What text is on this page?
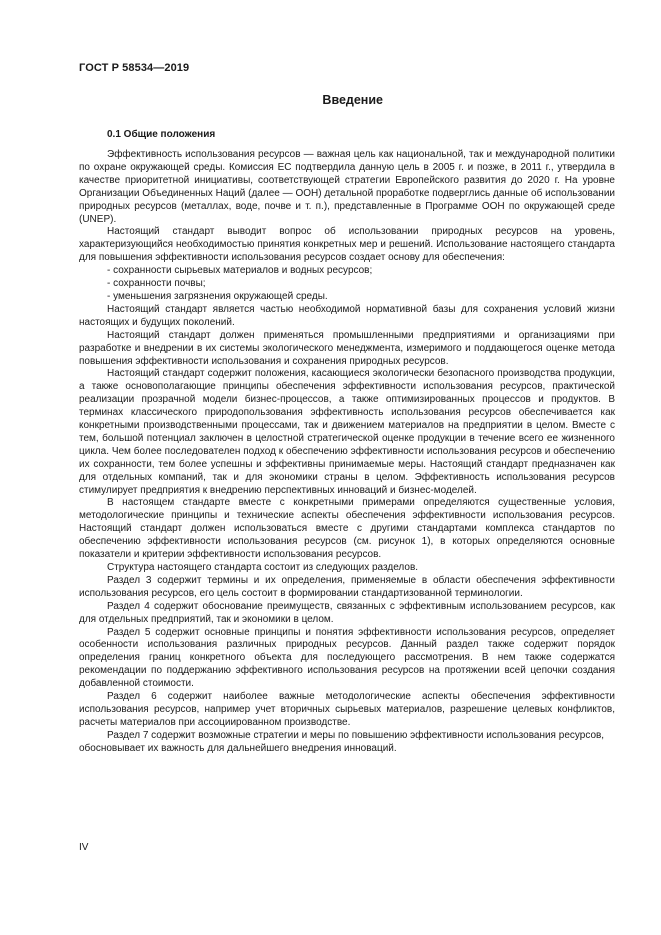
ГОСТ Р 58534—2019
Введение
0.1 Общие положения

Эффективность использования ресурсов — важная цель как национальной, так и международной политики по охране окружающей среды. Комиссия ЕС подтвердила данную цель в 2005 г. и позже, в 2011 г., утвердила в качестве приоритетной инициативы, соответствующей стратегии Европейского развития до 2020 г. На уровне Организации Объединенных Наций (далее — ООН) детальной проработке подверглись данные об использовании природных ресурсов (металлах, воде, почве и т. п.), представленные в Программе ООН по окружающей среде (UNEP).

Настоящий стандарт выводит вопрос об использовании природных ресурсов на уровень, характеризующийся необходимостью принятия конкретных мер и решений. Использование настоящего стандарта для повышения эффективности использования ресурсов создает основу для обеспечения:

- сохранности сырьевых материалов и водных ресурсов;
- сохранности почвы;
- уменьшения загрязнения окружающей среды.

Настоящий стандарт является частью необходимой нормативной базы для сохранения условий жизни настоящих и будущих поколений.

Настоящий стандарт должен применяться промышленными предприятиями и организациями при разработке и внедрении в их системы экологического менеджмента, измеримого и поддающегося оценке метода повышения эффективности использования и сохранения природных ресурсов.

Настоящий стандарт содержит положения, касающиеся экологически безопасного производства продукции, а также основополагающие принципы обеспечения эффективности использования ресурсов, практической реализации прозрачной модели бизнес-процессов, а также оптимизированных процессов и продуктов. В терминах классического природопользования эффективность использования ресурсов обеспечивается как конкретными производственными процессами, так и движением материалов на предприятии в целом. Вместе с тем, большой потенциал заключен в целостной стратегической оценке продукции в течение всего ее жизненного цикла. Чем более последователен подход к обеспечению эффективности использования ресурсов и обеспечению их сохранности, тем более успешны и эффективны принимаемые меры. Настоящий стандарт предназначен как для отдельных компаний, так и для экономики страны в целом. Эффективность использования ресурсов стимулирует предприятия к внедрению перспективных инноваций и бизнес-моделей.

В настоящем стандарте вместе с конкретными примерами определяются существенные условия, методологические принципы и технические аспекты обеспечения эффективности использования ресурсов. Настоящий стандарт должен использоваться вместе с другими стандартами комплекса стандартов по обеспечению эффективности использования ресурсов (см. рисунок 1), в которых определяются основные показатели и критерии эффективности использования ресурсов.

Структура настоящего стандарта состоит из следующих разделов.

Раздел 3 содержит термины и их определения, применяемые в области обеспечения эффективности использования ресурсов, его цель состоит в формировании стандартизованной терминологии.

Раздел 4 содержит обоснование преимуществ, связанных с эффективным использованием ресурсов, как для отдельных предприятий, так и экономики в целом.

Раздел 5 содержит основные принципы и понятия эффективности использования ресурсов, определяет особенности использования различных природных ресурсов. Данный раздел также содержит порядок определения границ конкретного объекта для последующего рассмотрения. В нем также содержатся рекомендации по поддержанию эффективного использования ресурсов на протяжении всей цепочки создания добавленной стоимости.

Раздел 6 содержит наиболее важные методологические аспекты обеспечения эффективности использования ресурсов, например учет вторичных сырьевых материалов, разрешение целевых конфликтов, расчеты материалов при ассоциированном производстве.

Раздел 7 содержит возможные стратегии и меры по повышению эффективности использования ресурсов, обосновывает их важность для дальнейшего внедрения инноваций.

IV
